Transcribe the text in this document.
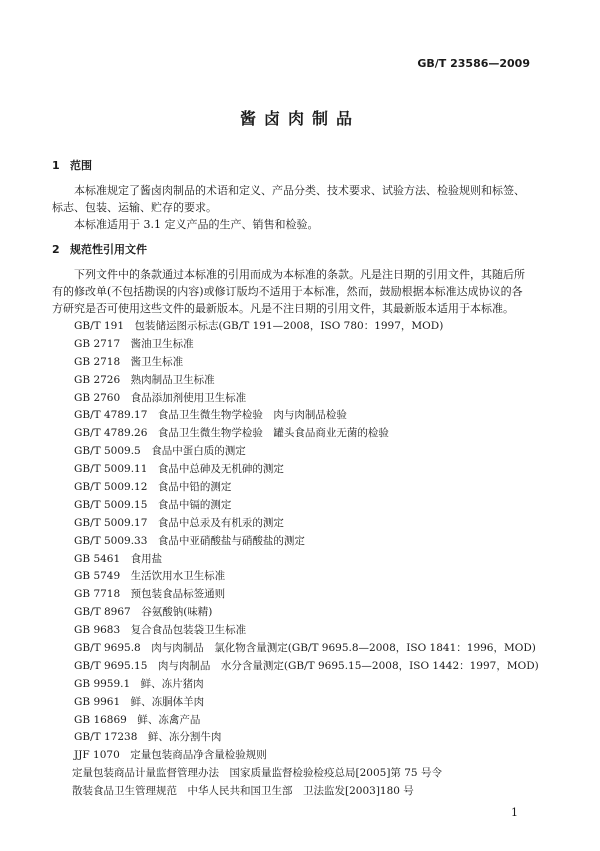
GB/T 23586—2009
酱卤肉制品
1 范围

本标准规定了酱卤肉制品的术语和定义、产品分类、技术要求、试验方法、检验规则和标签、标志、包装、运输、贮存的要求。

本标准适用于 3.1 定义产品的生产、销售和检验。

2 规范性引用文件

下列文件中的条款通过本标准的引用而成为本标准的条款。凡是注日期的引用文件，其随后所有的修改单(不包括勘误的内容)或修订版均不适用于本标准，然而，鼓励根据本标准达成协议的各方研究是否可使用这些文件的最新版本。凡是不注日期的引用文件，其最新版本适用于本标准。

GB/T 191　包装储运图示标志(GB/T 191—2008，ISO 780：1997，MOD)
GB 2717　酱油卫生标准
GB 2718　酱卫生标准
GB 2726　熟肉制品卫生标准
GB 2760　食品添加剂使用卫生标准
GB/T 4789.17　食品卫生微生物学检验　肉与肉制品检验
GB/T 4789.26　食品卫生微生物学检验　罐头食品商业无菌的检验
GB/T 5009.5　食品中蛋白质的测定
GB/T 5009.11　食品中总砷及无机砷的测定
GB/T 5009.12　食品中铅的测定
GB/T 5009.15　食品中镉的测定
GB/T 5009.17　食品中总汞及有机汞的测定
GB/T 5009.33　食品中亚硝酸盐与硝酸盐的测定
GB 5461　食用盐
GB 5749　生活饮用水卫生标准
GB 7718　预包装食品标签通则
GB/T 8967　谷氨酸钠(味精)
GB 9683　复合食品包装袋卫生标准
GB/T 9695.8　肉与肉制品　氯化物含量测定(GB/T 9695.8—2008，ISO 1841：1996，MOD)
GB/T 9695.15　肉与肉制品　水分含量测定(GB/T 9695.15—2008，ISO 1442：1997，MOD)
GB 9959.1　鲜、冻片猪肉
GB 9961　鲜、冻胴体羊肉
GB 16869　鲜、冻禽产品
GB/T 17238　鲜、冻分割牛肉
JJF 1070　定量包装商品净含量检验规则
定量包装商品计量监督管理办法　国家质量监督检验检疫总局[2005]第 75 号令
散装食品卫生管理规范　中华人民共和国卫生部　卫法监发[2003]180 号
1
